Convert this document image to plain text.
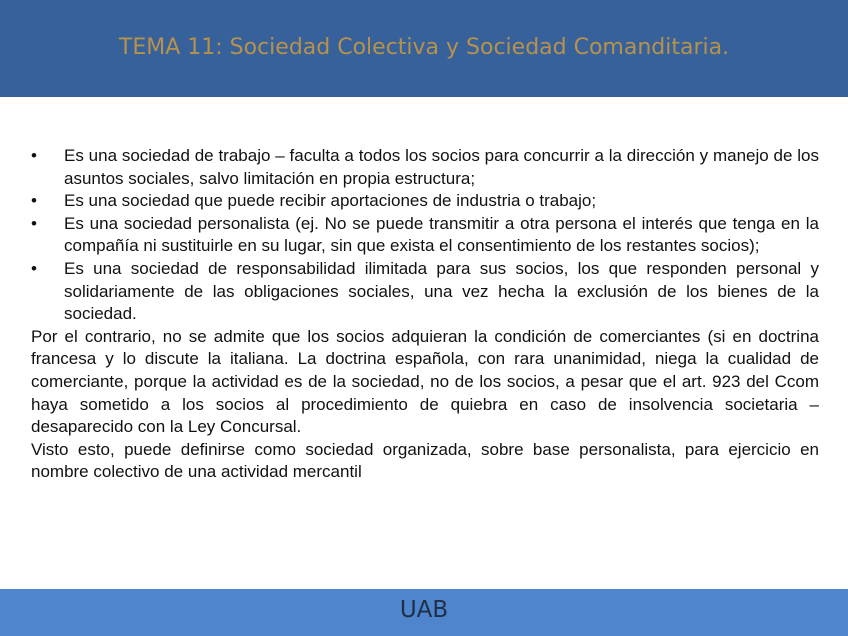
TEMA 11: Sociedad Colectiva y Sociedad Comanditaria.
• Es una sociedad de trabajo – faculta a todos los socios para concurrir a la dirección y manejo de los asuntos sociales, salvo limitación en propia estructura;
• Es una sociedad que puede recibir aportaciones de industria o trabajo;
• Es una sociedad personalista (ej. No se puede transmitir a otra persona el interés que tenga en la compañía ni sustituirle en su lugar, sin que exista el consentimiento de los restantes socios);
• Es una sociedad de responsabilidad ilimitada para sus socios, los que responden personal y solidariamente de las obligaciones sociales, una vez hecha la exclusión de los bienes de la sociedad.

Por el contrario, no se admite que los socios adquieran la condición de comerciantes (si en doctrina francesa y lo discute la italiana. La doctrina española, con rara unanimidad, niega la cualidad de comerciante, porque la actividad es de la sociedad, no de los socios, a pesar que el art. 923 del Ccom haya sometido a los socios al procedimiento de quiebra en caso de insolvencia societaria – desaparecido con la Ley Concursal.

Visto esto, puede definirse como sociedad organizada, sobre base personalista, para ejercicio en nombre colectivo de una actividad mercantil

UAB
